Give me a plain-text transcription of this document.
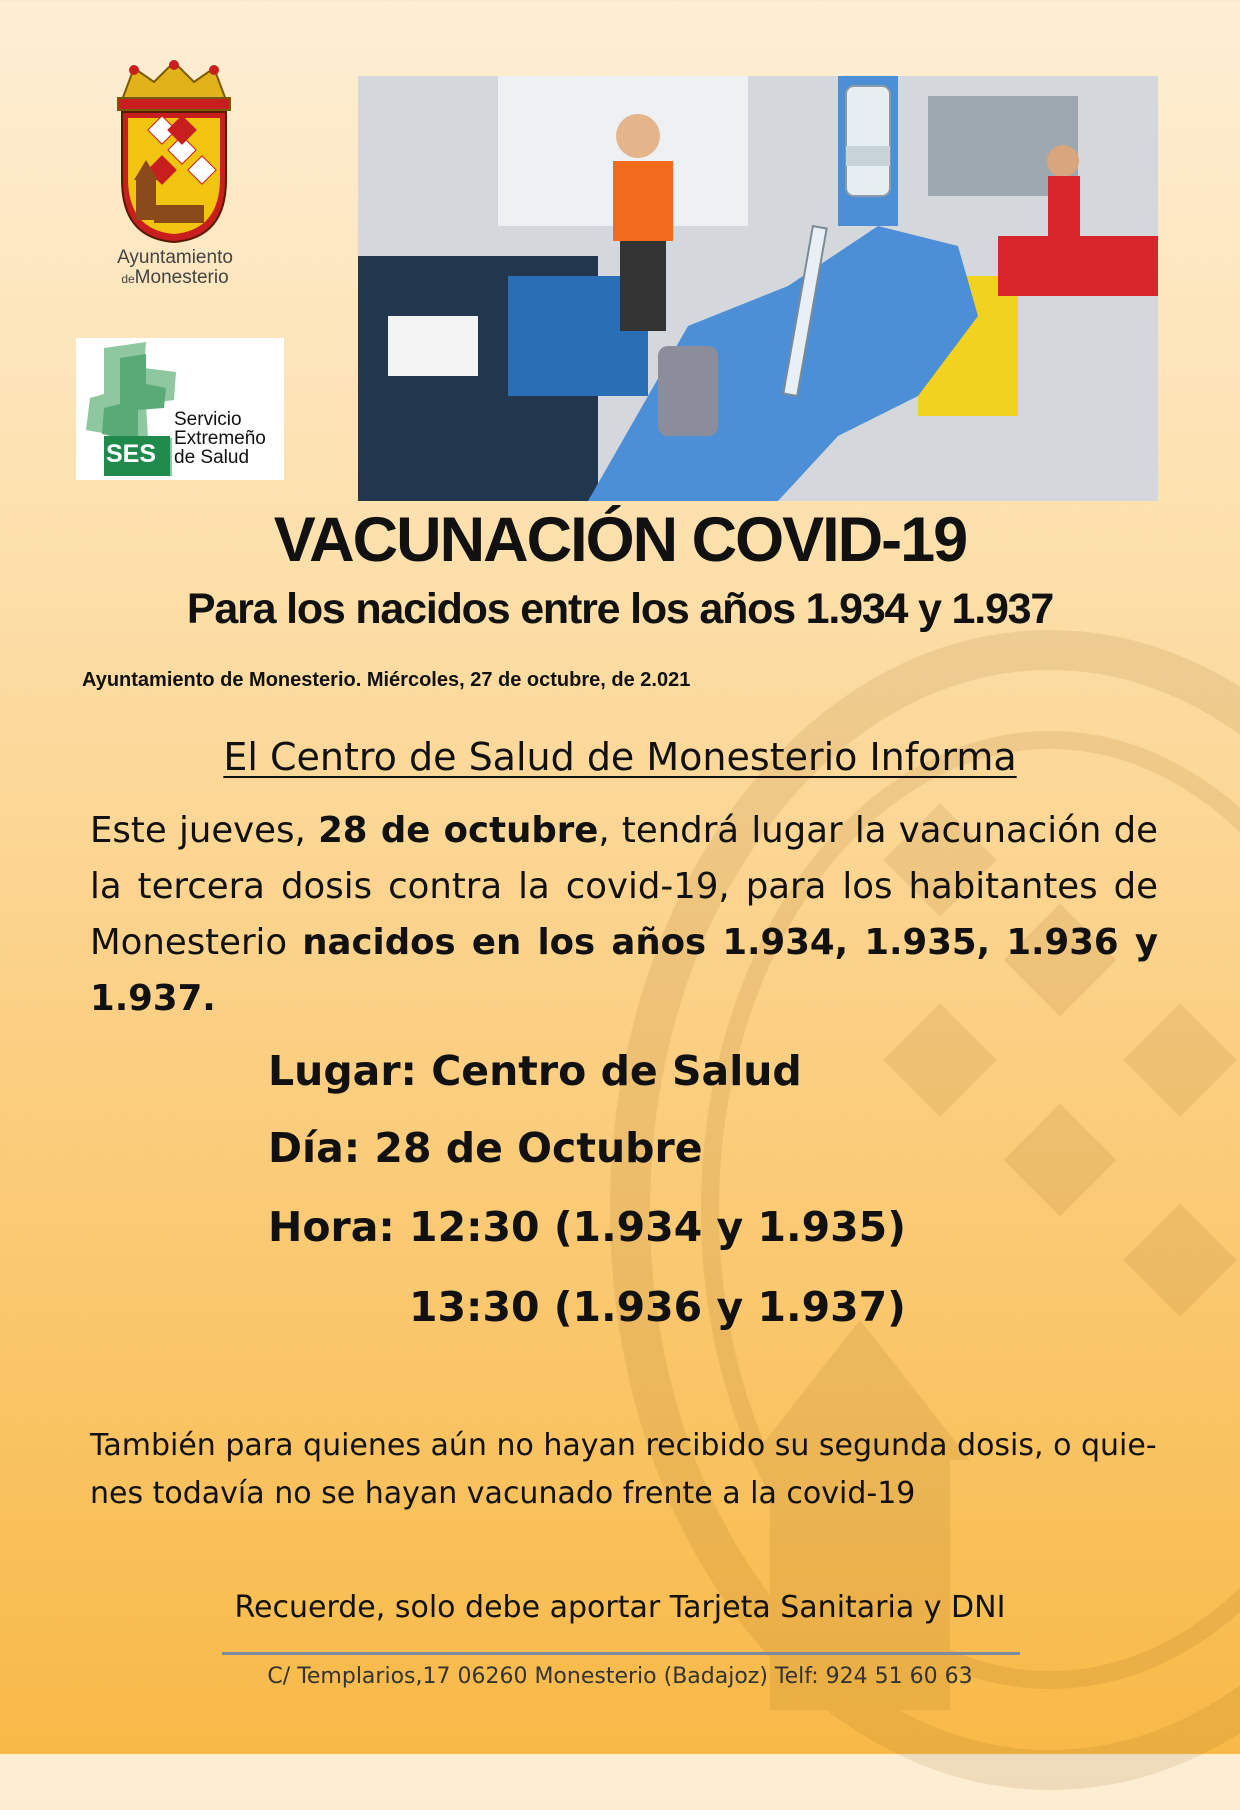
Ayuntamiento
deMonesterio
SES
Servicio
Extremeño
de Salud
VACUNACIÓN COVID-19
Para los nacidos entre los años 1.934 y 1.937
Ayuntamiento de Monesterio. Miércoles, 27 de octubre, de 2.021
El Centro de Salud de Monesterio Informa
Este jueves, 28 de octubre, tendrá lugar la vacunación de la tercera dosis contra la covid-19, para los habitantes de Monesterio nacidos en los años 1.934, 1.935, 1.936 y 1.937.
Lugar: Centro de Salud
Día: 28 de Octubre
Hora: 12:30 (1.934 y 1.935)
13:30 (1.936 y 1.937)
También para quienes aún no hayan recibido su segunda dosis, o quie- nes todavía no se hayan vacunado frente a la covid-19
Recuerde, solo debe aportar Tarjeta Sanitaria y DNI
C/ Templarios,17 06260 Monesterio (Badajoz) Telf: 924 51 60 63
